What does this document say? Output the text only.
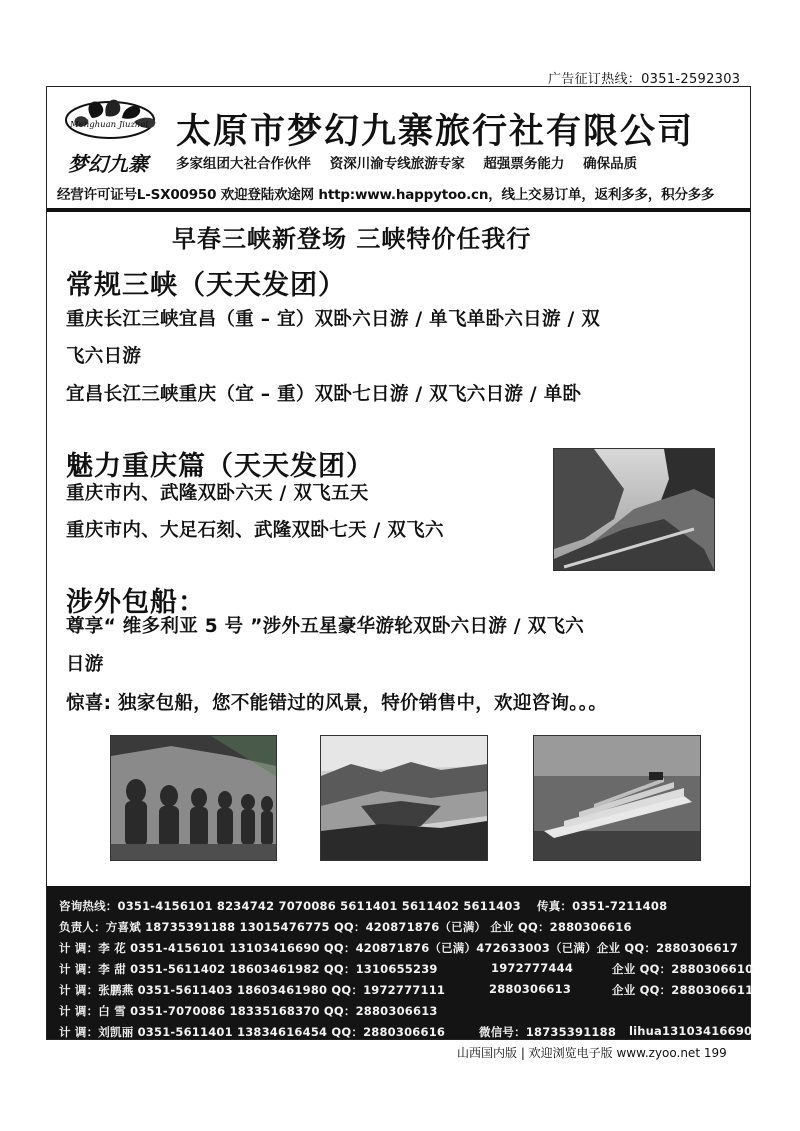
广告征订热线：0351-2592303
Menghuan Jiuzhai
梦幻九寨
太原市梦幻九寨旅行社有限公司
多家组团大社合作伙伴 资深川渝专线旅游专家 超强票务能力 确保品质
经营许可证号L-SX00950 欢迎登陆欢途网 http:www.happytoo.cn，线上交易订单，返利多多，积分多多
早春三峡新登场 三峡特价任我行
常规三峡（天天发团）
重庆长江三峡宜昌（重 – 宜）双卧六日游 / 单飞单卧六日游 / 双
飞六日游
宜昌长江三峡重庆（宜 – 重）双卧七日游 / 双飞六日游 / 单卧
魅力重庆篇（天天发团）
重庆市内、武隆双卧六天 / 双飞五天
重庆市内、大足石刻、武隆双卧七天 / 双飞六
涉外包船：
尊享“ 维多利亚 5 号 ”涉外五星豪华游轮双卧六日游 / 双飞六
日游
惊喜: 独家包船，您不能错过的风景，特价销售中，欢迎咨询。。。
咨询热线：0351-4156101 8234742 7070086 5611401 5611402 5611403 传真：0351-7211408
负责人：方喜斌 18735391188 13015476775 QQ：420871876（已满） 企业 QQ：2880306616
计 调：李 花 0351-4156101 13103416690 QQ：420871876（已满）472633003（已满）企业 QQ：2880306617
计 调：李 甜 0351-5611402 18603461982 QQ：1310655239	1972777444	企业 QQ：2880306610
计 调：张鹏燕 0351-5611403 18603461980 QQ：1972777111	2880306613	企业 QQ：2880306611
计 调：白 雪 0351-7070086 18335168370 QQ：2880306613
计 调：刘凯丽 0351-5611401 13834616454 QQ：2880306616	微信号：18735391188 lihua13103416690
山西国内版 | 欢迎浏览电子版 www.zyoo.net 199
